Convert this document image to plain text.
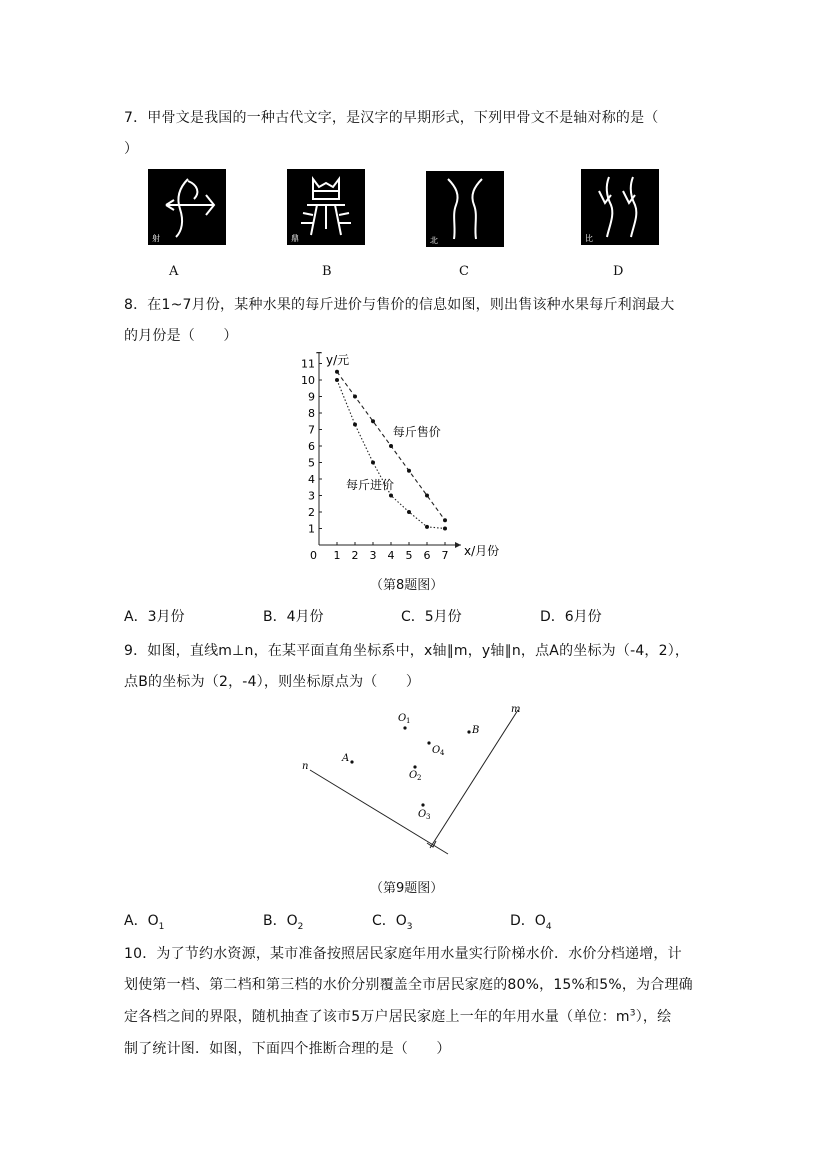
7．甲骨文是我国的一种古代文字，是汉字的早期形式，下列甲骨文不是轴对称的是（
）
射	鼎	北	比
A	B	C	D
8．在1~7月份，某种水果的每斤进价与售价的信息如图，则出售该种水果每斤利润最大
的月份是（　　）
1 2 3 4 5 6 7
0
1
2
3
4
5
6
7
8
9
10
11 y/元
x/月份
每斤售价
每斤进价
（第8题图）
A．3月份	B．4月份	C．5月份	D．6月份
9．如图，直线m⊥n，在某平面直角坐标系中，x轴∥m，y轴∥n，点A的坐标为（-4，2），
点B的坐标为（2，-4），则坐标原点为（　　）
m
n
A
B
O 1
O 4
O 2
O 3
（第9题图）
A．$O_1$	B．$O_2$	C．$O_3$	D．$O_4$
10．为了节约水资源，某市准备按照居民家庭年用水量实行阶梯水价．水价分档递增，计
划使第一档、第二档和第三档的水价分别覆盖全市居民家庭的80%，15%和5%，为合理确
定各档之间的界限，随机抽查了该市5万户居民家庭上一年的年用水量（单位：$m^3$），绘
制了统计图．如图，下面四个推断合理的是（　　）
